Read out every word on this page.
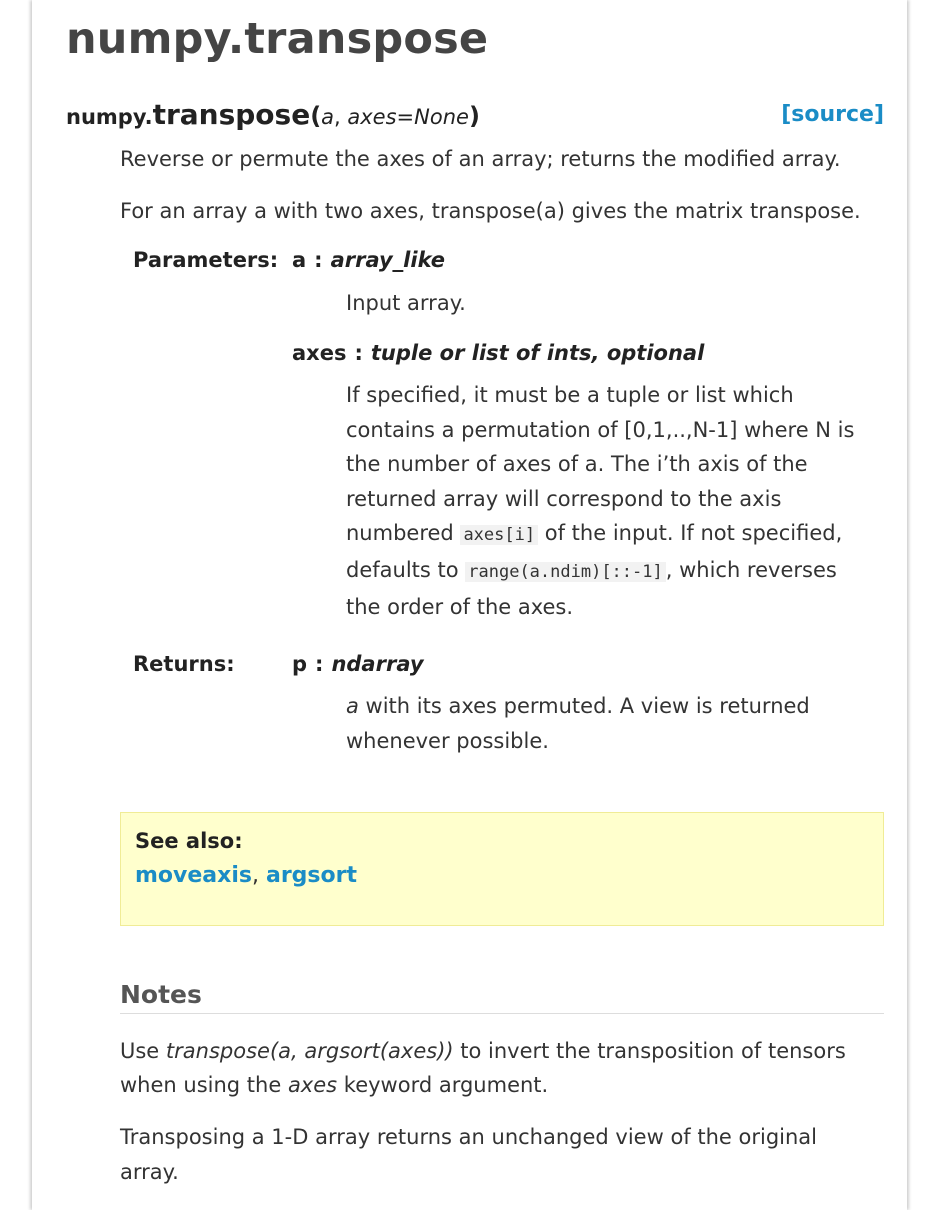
numpy.transpose
numpy.transpose(a, axes=None)	[source]

Reverse or permute the axes of an array; returns the modified array.

For an array a with two axes, transpose(a) gives the matrix transpose.

Parameters: a : array_like
Input array.
axes : tuple or list of ints, optional
If specified, it must be a tuple or list which
contains a permutation of [0,1,..,N-1] where N is
the number of axes of a. The i’th axis of the
returned array will correspond to the axis
numbered axes[i] of the input. If not specified,
defaults to range(a.ndim)[::-1] , which reverses
the order of the axes.
Returns:	p : ndarray
a with its axes permuted. A view is returned
whenever possible.
See also:
moveaxis, argsort
Notes
Use transpose(a, argsort(axes)) to invert the transposition of tensors
when using the axes keyword argument.
Transposing a 1-D array returns an unchanged view of the original
array.
